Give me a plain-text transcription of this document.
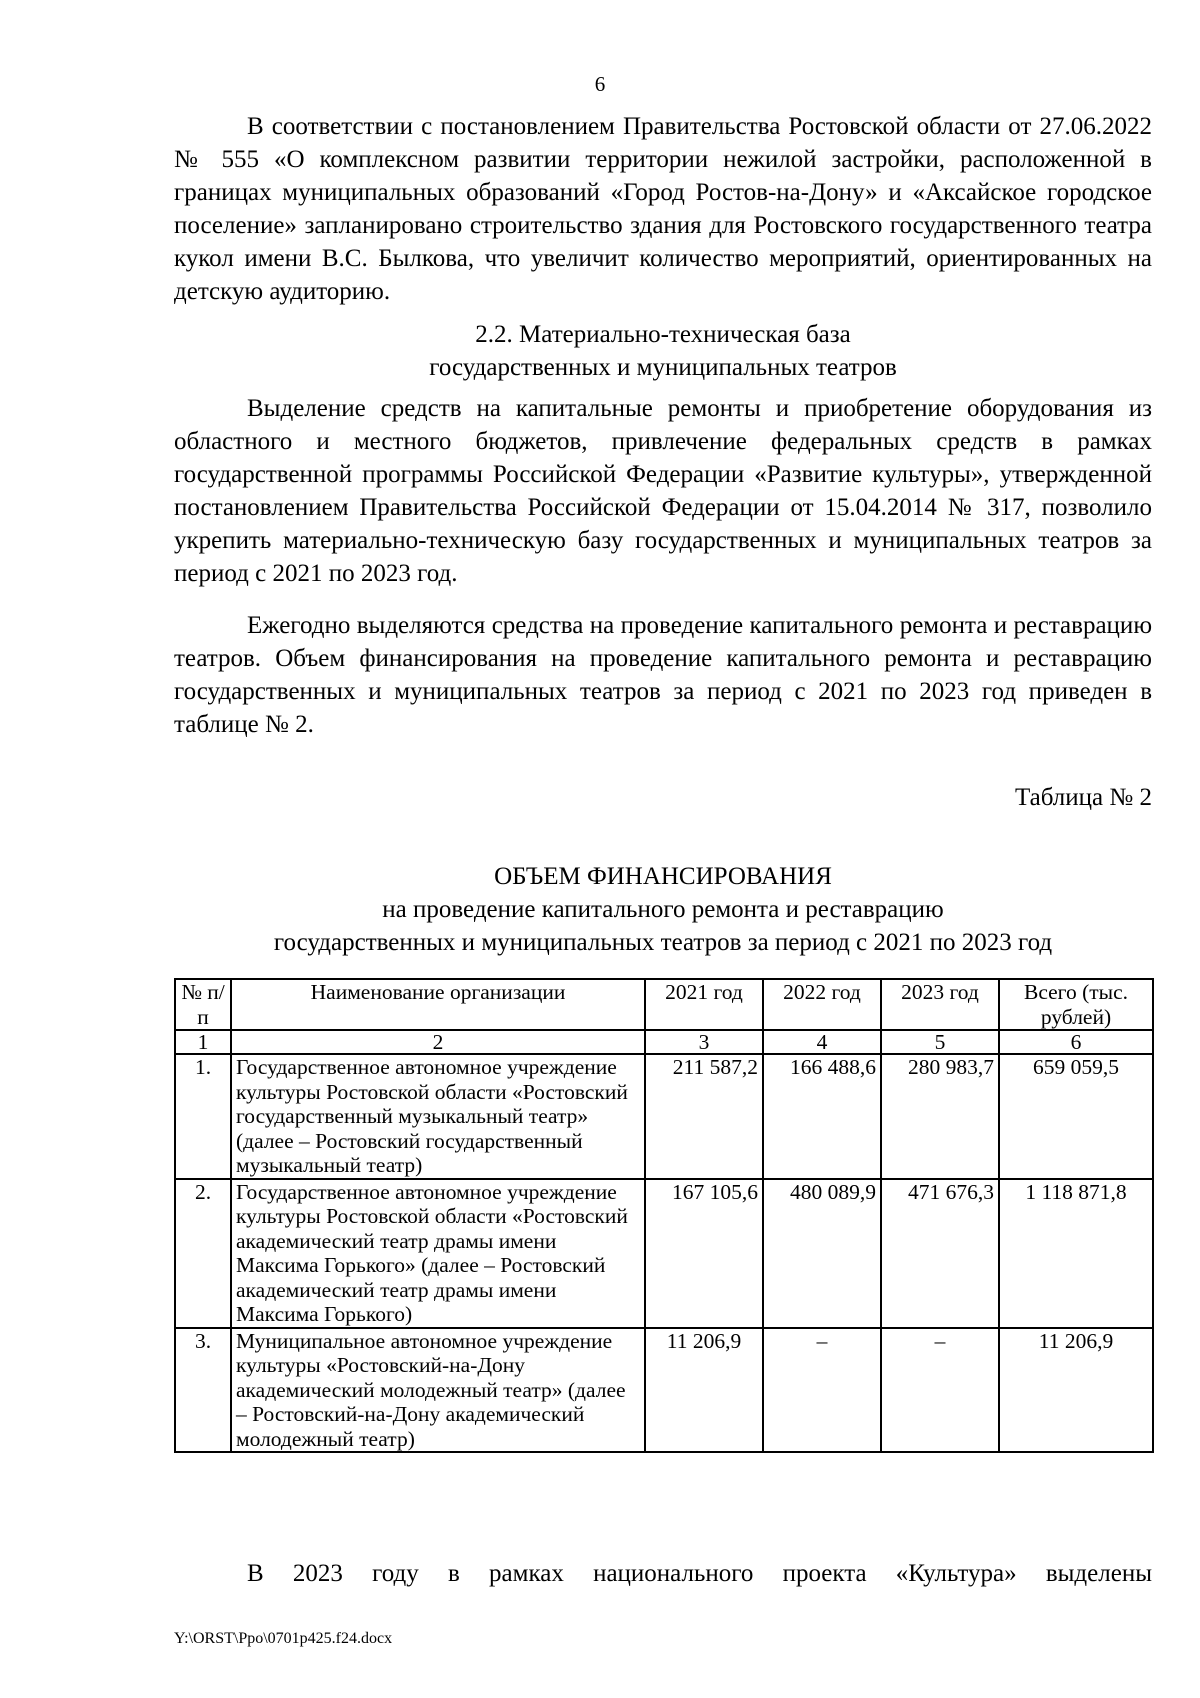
6

В соответствии с постановлением Правительства Ростовской области от 27.06.2022 № 555 «О комплексном развитии территории нежилой застройки, расположенной в границах муниципальных образований «Город Ростов-на-Дону» и «Аксайское городское поселение» запланировано строительство здания для Ростовского государственного театра кукол имени В.С. Былкова, что увеличит количество мероприятий, ориентированных на детскую аудиторию.

2.2. Материально-техническая база
государственных и муниципальных театров

Выделение средств на капитальные ремонты и приобретение оборудования из областного и местного бюджетов, привлечение федеральных средств в рамках государственной программы Российской Федерации «Развитие культуры», утвержденной постановлением Правительства Российской Федерации от 15.04.2014 № 317, позволило укрепить материально-техническую базу государственных и муниципальных театров за период с 2021 по 2023 год.

Ежегодно выделяются средства на проведение капитального ремонта и реставрацию театров. Объем финансирования на проведение капитального ремонта и реставрацию государственных и муниципальных театров за период с 2021 по 2023 год приведен в таблице № 2.

Таблица № 2
ОБЪЕМ ФИНАНСИРОВАНИЯ
на проведение капитального ремонта и реставрацию
государственных и муниципальных театров за период с 2021 по 2023 год
№ п/п	Наименование организации	2021 год	2022 год	2023 год	Всего (тыс. рублей)
1	2	3	4	5	6
1.	Государственное автономное учреждение культуры Ростовской области «Ростовский государственный музыкальный театр» (далее – Ростовский государственный музыкальный театр)	211 587,2	166 488,6	280 983,7	659 059,5
2.	Государственное автономное учреждение культуры Ростовской области «Ростовский академический театр драмы имени Максима Горького» (далее – Ростовский академический театр драмы имени Максима Горького)	167 105,6	480 089,9	471 676,3	1 118 871,8
3.	Муниципальное автономное учреждение культуры «Ростовский-на-Дону академический молодежный театр» (далее – Ростовский-на-Дону академический молодежный театр)	11 206,9	–	–	11 206,9

В 2023 году в рамках национального проекта «Культура» выделены

Y:\ORST\Ppo\0701p425.f24.docx
